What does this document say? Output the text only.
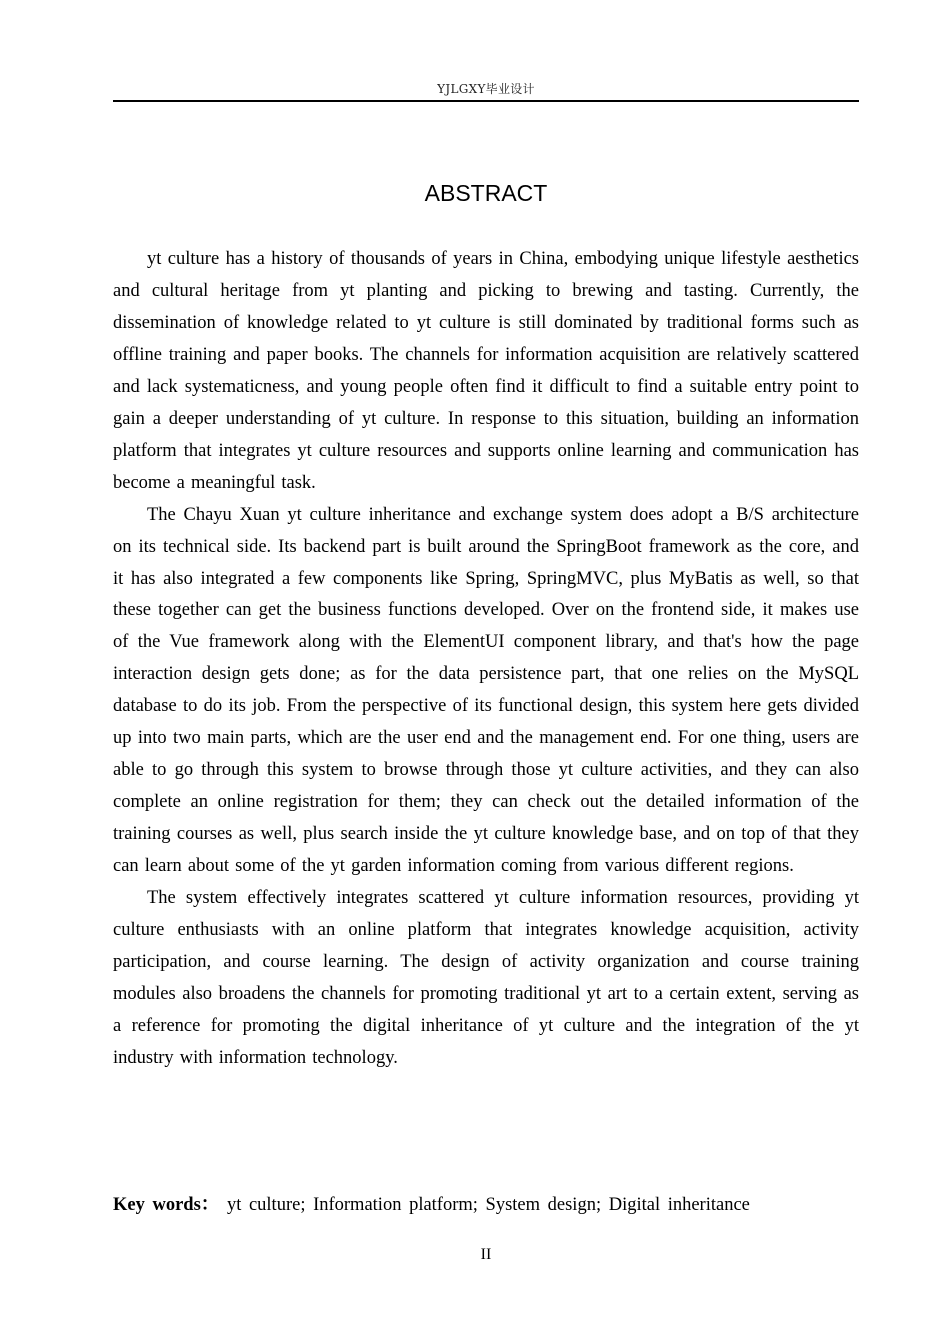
YJLGXY毕业设计
ABSTRACT

yt culture has a history of thousands of years in China, embodying unique lifestyle aesthetics and cultural heritage from yt planting and picking to brewing and tasting. Currently, the dissemination of knowledge related to yt culture is still dominated by traditional forms such as offline training and paper books. The channels for information acquisition are relatively scattered and lack systematicness, and young people often find it difficult to find a suitable entry point to gain a deeper understanding of yt culture. In response to this situation, building an information platform that integrates yt culture resources and supports online learning and communication has become a meaningful task.

The Chayu Xuan yt culture inheritance and exchange system does adopt a B/S architecture on its technical side. Its backend part is built around the SpringBoot framework as the core, and it has also integrated a few components like Spring, SpringMVC, plus MyBatis as well, so that these together can get the business functions developed. Over on the frontend side, it makes use of the Vue framework along with the ElementUI component library, and that's how the page interaction design gets done; as for the data persistence part, that one relies on the MySQL database to do its job. From the perspective of its functional design, this system here gets divided up into two main parts, which are the user end and the management end. For one thing, users are able to go through this system to browse through those yt culture activities, and they can also complete an online registration for them; they can check out the detailed information of the training courses as well, plus search inside the yt culture knowledge base, and on top of that they can learn about some of the yt garden information coming from various different regions.

The system effectively integrates scattered yt culture information resources, providing yt culture enthusiasts with an online platform that integrates knowledge acquisition, activity participation, and course learning. The design of activity organization and course training modules also broadens the channels for promoting traditional yt art to a certain extent, serving as a reference for promoting the digital inheritance of yt culture and the integration of the yt industry with information technology.

Key words： yt culture; Information platform; System design; Digital inheritance
II
